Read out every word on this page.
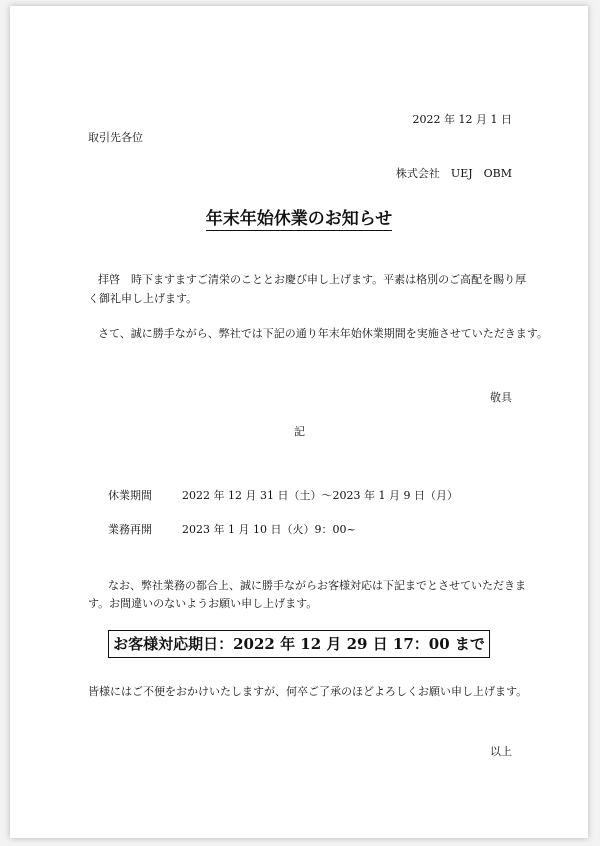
2022 年 12 月 1 日
取引先各位
株式会社　UEJ　OBM
年末年始休業のお知らせ
拝啓　時下ますますご清栄のこととお慶び申し上げます。平素は格別のご高配を賜り厚
く御礼申し上げます。
さて、誠に勝手ながら、弊社では下記の通り年末年始休業期間を実施させていただきます。
敬具
記
休業期間	2022 年 12 月 31 日（土）～2023 年 1 月 9 日（月）
業務再開	2023 年 1 月 10 日（火）9：00~
なお、弊社業務の都合上、誠に勝手ながらお客様対応は下記までとさせていただきま
す。お間違いのないようお願い申し上げます。
お客様対応期日：2022 年 12 月 29 日 17：00 まで
皆様にはご不便をおかけいたしますが、何卒ご了承のほどよろしくお願い申し上げます。
以上
